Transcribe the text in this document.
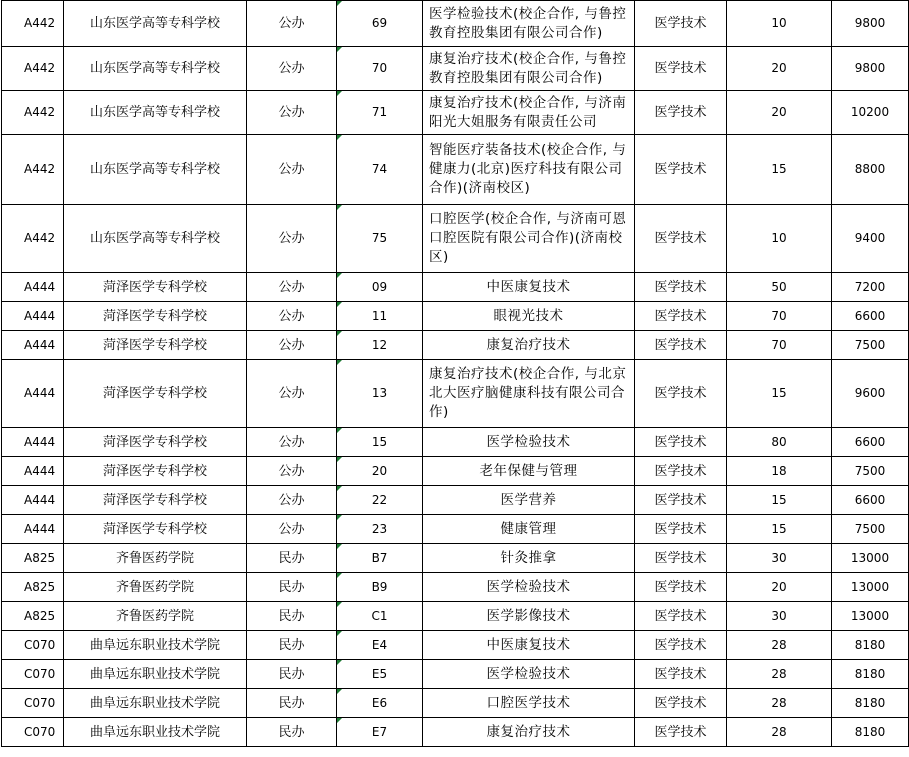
A442	山东医学高等专科学校	公办	69	医学检验技术(校企合作, 与鲁控教育控股集团有限公司合作)	医学技术	10	9800
A442	山东医学高等专科学校	公办	70	康复治疗技术(校企合作, 与鲁控教育控股集团有限公司合作)	医学技术	20	9800
A442	山东医学高等专科学校	公办	71	康复治疗技术(校企合作, 与济南阳光大姐服务有限责任公司	医学技术	20	10200
A442	山东医学高等专科学校	公办	74	智能医疗装备技术(校企合作, 与健康力(北京)医疗科技有限公司合作)(济南校区)	医学技术	15	8800
A442	山东医学高等专科学校	公办	75	口腔医学(校企合作, 与济南可恩口腔医院有限公司合作)(济南校区)	医学技术	10	9400
A444	菏泽医学专科学校	公办	09	中医康复技术	医学技术	50	7200
A444	菏泽医学专科学校	公办	11	眼视光技术	医学技术	70	6600
A444	菏泽医学专科学校	公办	12	康复治疗技术	医学技术	70	7500
A444	菏泽医学专科学校	公办	13	康复治疗技术(校企合作, 与北京北大医疗脑健康科技有限公司合作)	医学技术	15	9600
A444	菏泽医学专科学校	公办	15	医学检验技术	医学技术	80	6600
A444	菏泽医学专科学校	公办	20	老年保健与管理	医学技术	18	7500
A444	菏泽医学专科学校	公办	22	医学营养	医学技术	15	6600
A444	菏泽医学专科学校	公办	23	健康管理	医学技术	15	7500
A825	齐鲁医药学院	民办	B7	针灸推拿	医学技术	30	13000
A825	齐鲁医药学院	民办	B9	医学检验技术	医学技术	20	13000
A825	齐鲁医药学院	民办	C1	医学影像技术	医学技术	30	13000
C070	曲阜远东职业技术学院	民办	E4	中医康复技术	医学技术	28	8180
C070	曲阜远东职业技术学院	民办	E5	医学检验技术	医学技术	28	8180
C070	曲阜远东职业技术学院	民办	E6	口腔医学技术	医学技术	28	8180
C070	曲阜远东职业技术学院	民办	E7	康复治疗技术	医学技术	28	8180
